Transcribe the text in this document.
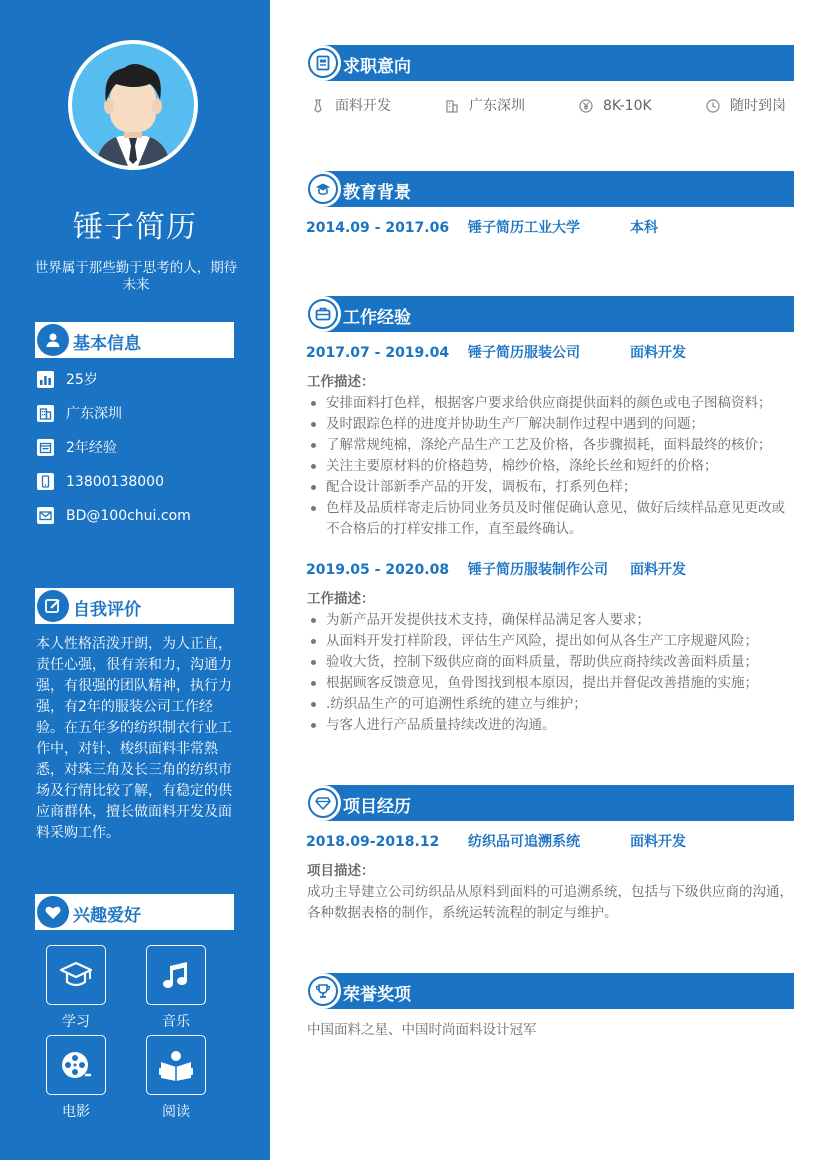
锤子简历
世界属于那些勤于思考的人，期待未来
基本信息
25岁
广东深圳
2年经验
13800138000
BD@100chui.com
自我评价
本人性格活泼开朗，为人正直，责任心强，很有亲和力，沟通力强，有很强的团队精神，执行力强，有2年的服装公司工作经验。在五年多的纺织制衣行业工作中，对针、梭织面料非常熟悉，对珠三角及长三角的纺织市场及行情比较了解，有稳定的供应商群体，擅长做面料开发及面料采购工作。
兴趣爱好
学习	音乐
电影	阅读
求职意向
面料开发	广东深圳	8K-10K	随时到岗
教育背景
2014.09 - 2017.06 锤子简历工业大学	本科
工作经验
2017.07 - 2019.04 锤子简历服装公司	面料开发
工作描述：
安排面料打色样，根据客户要求给供应商提供面料的颜色或电子图稿资料；
及时跟踪色样的进度并协助生产厂解决制作过程中遇到的问题；
了解常规纯棉，涤纶产品生产工艺及价格，各步骤损耗，面料最终的核价；
关注主要原材料的价格趋势，棉纱价格，涤纶长丝和短纤的价格；
配合设计部新季产品的开发，调板布，打系列色样；
色样及品质样寄走后协同业务员及时催促确认意见，做好后续样品意见更改或不合格后的打样安排工作，直至最终确认。
2019.05 - 2020.08 锤子简历服装制作公司 面料开发
工作描述：
为新产品开发提供技术支持，确保样品满足客人要求；
从面料开发打样阶段，评估生产风险，提出如何从各生产工序规避风险；
验收大货，控制下级供应商的面料质量，帮助供应商持续改善面料质量；
根据顾客反馈意见，鱼骨图找到根本原因，提出并督促改善措施的实施；
.纺织品生产的可追溯性系统的建立与维护；
与客人进行产品质量持续改进的沟通。
项目经历
2018.09-2018.12 纺织品可追溯系统	面料开发
项目描述：
成功主导建立公司纺织品从原料到面料的可追溯系统，包括与下级供应商的沟通，各种数据表格的制作，系统运转流程的制定与维护。
荣誉奖项
中国面料之星、中国时尚面料设计冠军
